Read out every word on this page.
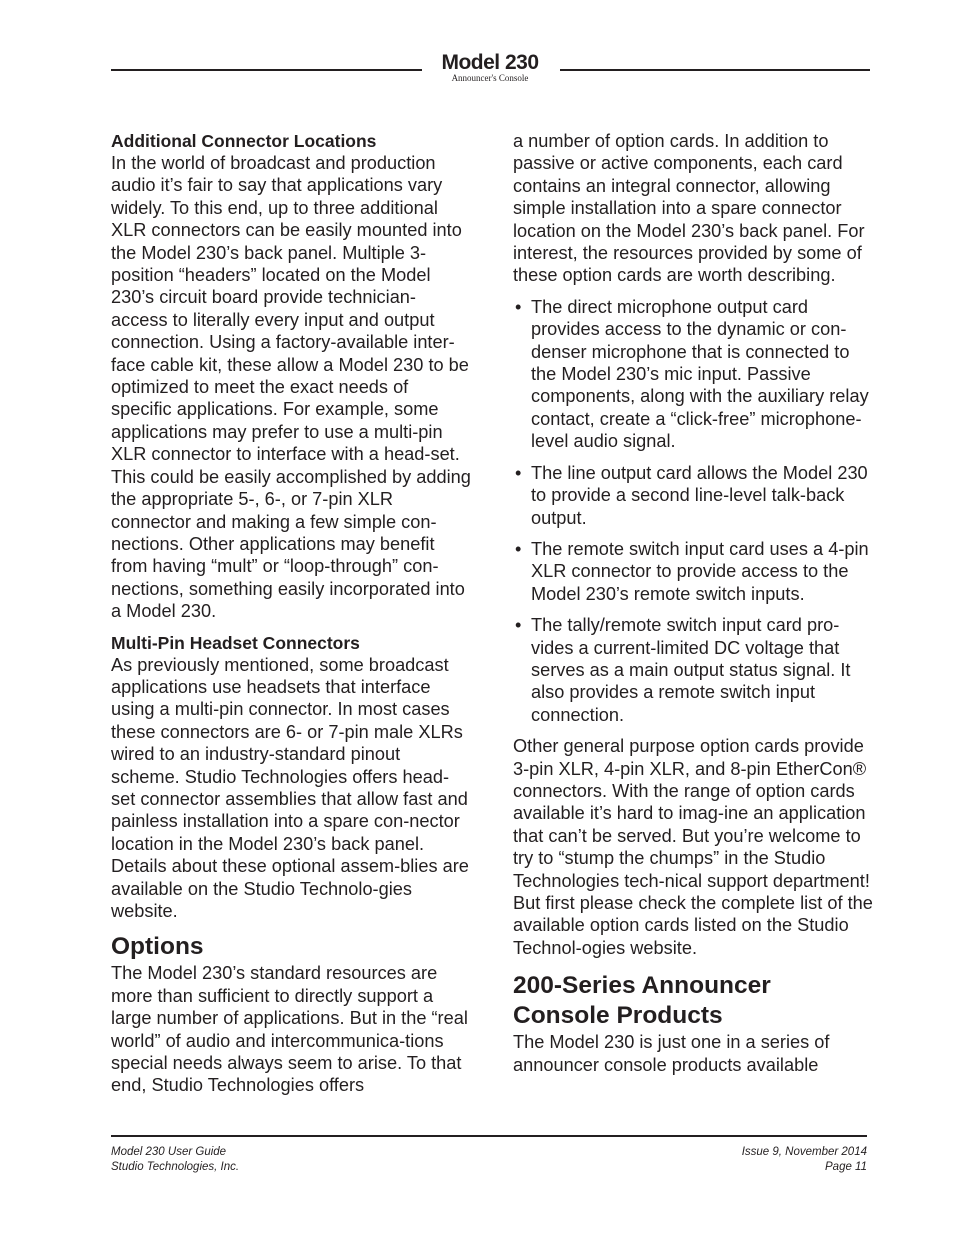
Model 230
Announcer's Console
Additional Connector Locations

In the world of broadcast and production audio it’s fair to say that applications vary widely. To this end, up to three additional XLR connectors can be easily mounted into the Model 230’s back panel. Multiple 3-position “headers” located on the Model 230’s circuit board provide technician-access to literally every input and output connection. Using a factory-available inter-face cable kit, these allow a Model 230 to be optimized to meet the exact needs of specific applications. For example, some applications may prefer to use a multi-pin XLR connector to interface with a head-set. This could be easily accomplished by adding the appropriate 5-, 6-, or 7-pin XLR connector and making a few simple con-nections. Other applications may benefit from having “mult” or “loop-through” con-nections, something easily incorporated into a Model 230.

Multi-Pin Headset Connectors

As previously mentioned, some broadcast applications use headsets that interface using a multi-pin connector. In most cases these connectors are 6- or 7-pin male XLRs wired to an industry-standard pinout scheme. Studio Technologies offers head-set connector assemblies that allow fast and painless installation into a spare con-nector location in the Model 230’s back panel. Details about these optional assem-blies are available on the Studio Technolo-gies website.

Options

The Model 230’s standard resources are more than sufficient to directly support a large number of applications. But in the “real world” of audio and intercommunica-tions special needs always seem to arise. To that end, Studio Technologies offers

a number of option cards. In addition to passive or active components, each card contains an integral connector, allowing simple installation into a spare connector location on the Model 230’s back panel. For interest, the resources provided by some of these option cards are worth describing.

• The direct microphone output card provides access to the dynamic or con-denser microphone that is connected to the Model 230’s mic input. Passive components, along with the auxiliary relay contact, create a “click-free” microphone-level audio signal.
• The line output card allows the Model 230 to provide a second line-level talk-back output.
• The remote switch input card uses a 4-pin XLR connector to provide access to the Model 230’s remote switch inputs.
• The tally/remote switch input card pro-vides a current-limited DC voltage that serves as a main output status signal. It also provides a remote switch input connection.

Other general purpose option cards provide 3-pin XLR, 4-pin XLR, and 8-pin EtherCon® connectors. With the range of option cards available it’s hard to imag-ine an application that can’t be served. But you’re welcome to try to “stump the chumps” in the Studio Technologies tech-nical support department! But first please check the complete list of the available option cards listed on the Studio Technol-ogies website.

200-Series Announcer Console Products

The Model 230 is just one in a series of announcer console products available

Model 230 User Guide
Studio Technologies, Inc.
Issue 9, November 2014
Page 11
